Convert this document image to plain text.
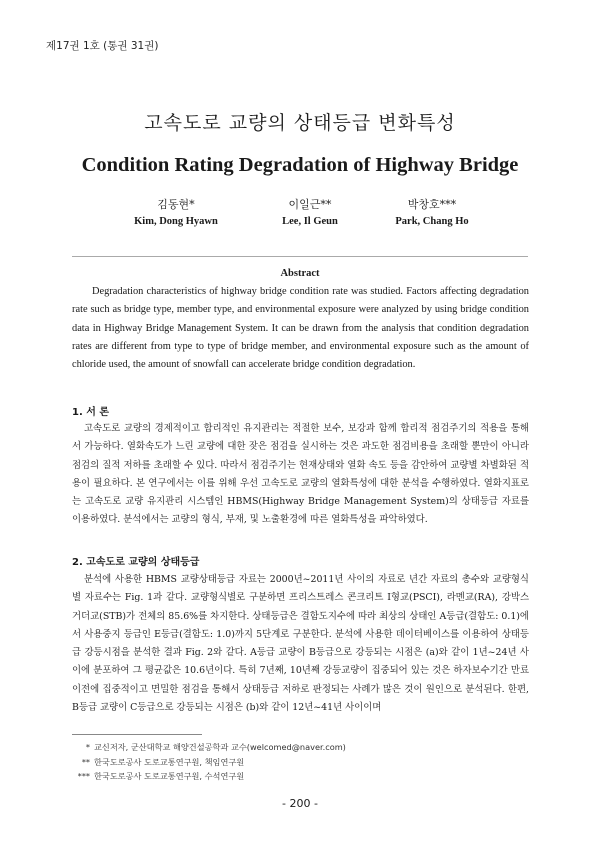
제17권 1호 (통권 31권)
고속도로 교량의 상태등급 변화특성
Condition Rating Degradation of Highway Bridge
김동현*
Kim, Dong Hyawn
이일근**
Lee, Il Geun
박창호***
Park, Chang Ho
Abstract
Degradation characteristics of highway bridge condition rate was studied. Factors affecting degradation rate such as bridge type, member type, and environmental exposure were analyzed by using bridge condition data in Highway Bridge Management System. It can be drawn from the analysis that condition degradation rates are different from type to type of bridge member, and environmental exposure such as the amount of chloride used, the amount of snowfall can accelerate bridge condition degradation.
1. 서 론
고속도로 교량의 경제적이고 합리적인 유지관리는 적절한 보수, 보강과 함께 합리적 점검주기의 적용을 통해서 가능하다. 열화속도가 느린 교량에 대한 잦은 점검을 실시하는 것은 과도한 점검비용을 초래할 뿐만이 아니라 점검의 질적 저하를 초래할 수 있다. 따라서 점검주기는 현재상태와 열화 속도 등을 감안하여 교량별 차별화된 적용이 필요하다. 본 연구에서는 이를 위해 우선 고속도로 교량의 열화특성에 대한 분석을 수행하였다. 열화지표로는 고속도로 교량 유지관리 시스템인 HBMS(Highway Bridge Management System)의 상태등급 자료를 이용하였다. 분석에서는 교량의 형식, 부재, 및 노출환경에 따른 열화특성을 파악하였다.
2. 고속도로 교량의 상태등급
분석에 사용한 HBMS 교량상태등급 자료는 2000년~2011년 사이의 자료로 년간 자료의 총수와 교량형식별 자료수는 Fig. 1과 같다. 교량형식별로 구분하면 프리스트레스 콘크리트 I형교(PSCI), 라멘교(RA), 강박스거더교(STB)가 전체의 85.6%를 차지한다. 상태등급은 결함도지수에 따라 최상의 상태인 A등급(결함도: 0.1)에서 사용중지 등급인 E등급(결함도: 1.0)까지 5단계로 구분한다. 분석에 사용한 데이터베이스를 이용하여 상태등급 강등시점을 분석한 결과 Fig. 2와 같다. A등급 교량이 B등급으로 강등되는 시점은 (a)와 같이 1년~24년 사이에 분포하여 그 평균값은 10.6년이다. 특히 7년째, 10년째 강등교량이 집중되어 있는 것은 하자보수기간 만료 이전에 집중적이고 면밀한 점검을 통해서 상태등급 저하로 판정되는 사례가 많은 것이 원인으로 분석된다. 한편, B등급 교량이 C등급으로 강등되는 시점은 (b)와 같이 12년~41년 사이이며
* 교신저자, 군산대학교 해양건설공학과 교수(welcomed@naver.com)
** 한국도로공사 도로교통연구원, 책임연구원
*** 한국도로공사 도로교통연구원, 수석연구원
- 200 -
